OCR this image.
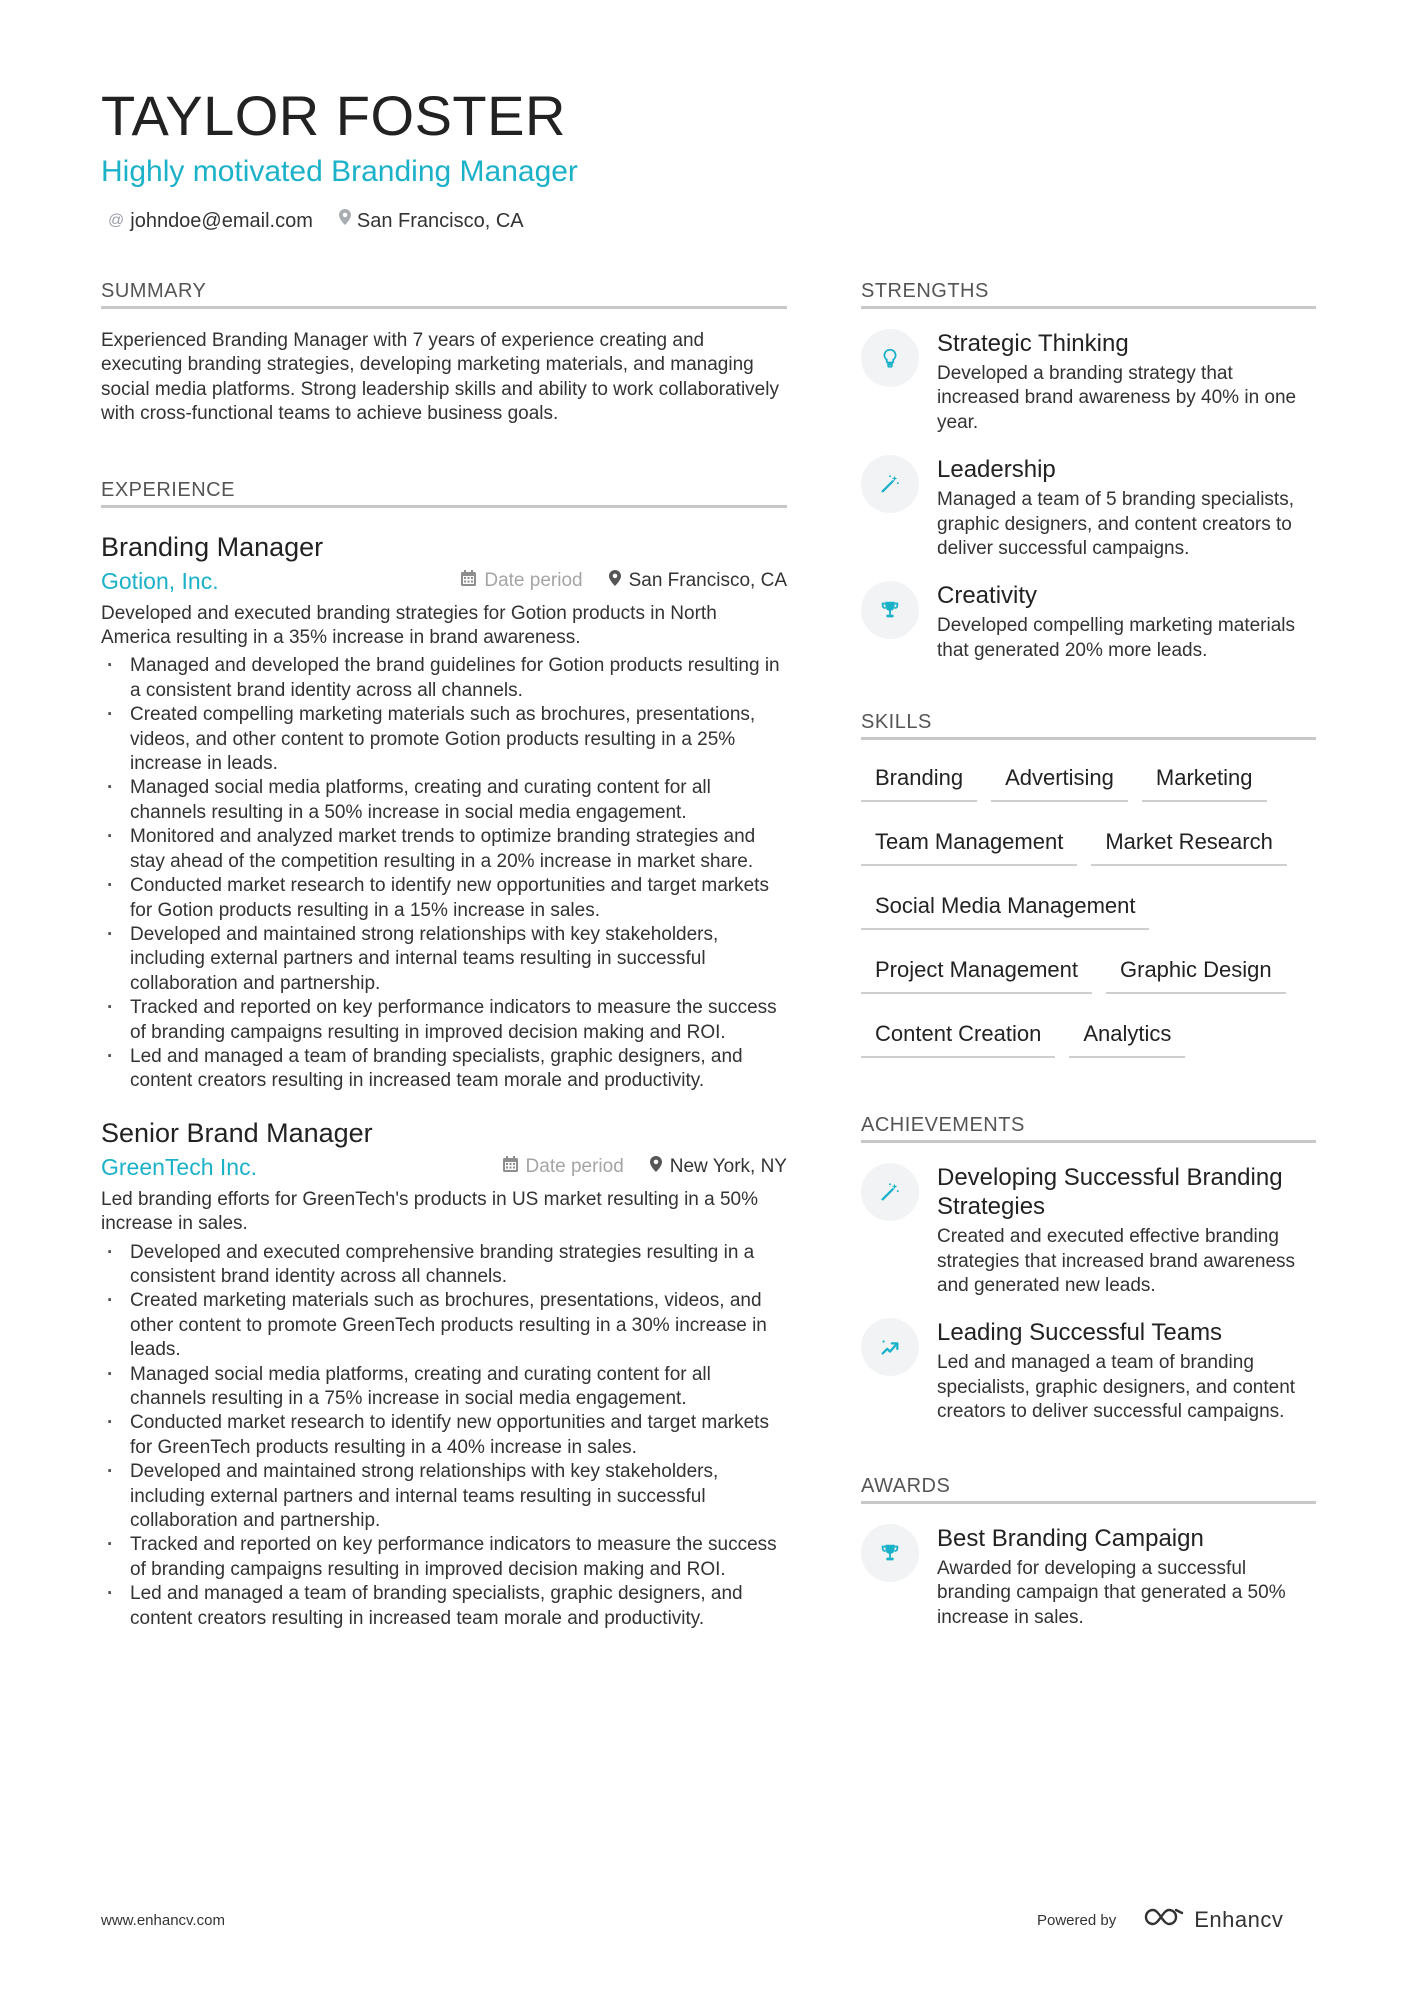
TAYLOR FOSTER
Highly motivated Branding Manager
@ johndoe@email.com San Francisco, CA
SUMMARY
Experienced Branding Manager with 7 years of experience creating and executing branding strategies, developing marketing materials, and managing social media platforms. Strong leadership skills and ability to work collaboratively with cross-functional teams to achieve business goals.
EXPERIENCE
Branding Manager
Gotion, Inc.	Date period San Francisco, CA
Developed and executed branding strategies for Gotion products in North America resulting in a 35% increase in brand awareness.
· Managed and developed the brand guidelines for Gotion products resulting in a consistent brand identity across all channels.
· Created compelling marketing materials such as brochures, presentations, videos, and other content to promote Gotion products resulting in a 25% increase in leads.
· Managed social media platforms, creating and curating content for all channels resulting in a 50% increase in social media engagement.
· Monitored and analyzed market trends to optimize branding strategies and stay ahead of the competition resulting in a 20% increase in market share.
· Conducted market research to identify new opportunities and target markets for Gotion products resulting in a 15% increase in sales.
· Developed and maintained strong relationships with key stakeholders, including external partners and internal teams resulting in successful collaboration and partnership.
· Tracked and reported on key performance indicators to measure the success of branding campaigns resulting in improved decision making and ROI.
· Led and managed a team of branding specialists, graphic designers, and content creators resulting in increased team morale and productivity.
Senior Brand Manager
GreenTech Inc.	Date period New York, NY
Led branding efforts for GreenTech's products in US market resulting in a 50% increase in sales.
· Developed and executed comprehensive branding strategies resulting in a consistent brand identity across all channels.
· Created marketing materials such as brochures, presentations, videos, and other content to promote GreenTech products resulting in a 30% increase in leads.
· Managed social media platforms, creating and curating content for all channels resulting in a 75% increase in social media engagement.
· Conducted market research to identify new opportunities and target markets for GreenTech products resulting in a 40% increase in sales.
· Developed and maintained strong relationships with key stakeholders, including external partners and internal teams resulting in successful collaboration and partnership.
· Tracked and reported on key performance indicators to measure the success of branding campaigns resulting in improved decision making and ROI.
· Led and managed a team of branding specialists, graphic designers, and content creators resulting in increased team morale and productivity.
STRENGTHS
Strategic Thinking
Developed a branding strategy that increased brand awareness by 40% in one year.
Leadership
Managed a team of 5 branding specialists, graphic designers, and content creators to deliver successful campaigns.
Creativity
Developed compelling marketing materials that generated 20% more leads.
SKILLS
Branding	Advertising	Marketing
Team Management	Market Research
Social Media Management
Project Management	Graphic Design
Content Creation	Analytics
ACHIEVEMENTS
Developing Successful Branding Strategies
Created and executed effective branding strategies that increased brand awareness and generated new leads.
Leading Successful Teams
Led and managed a team of branding specialists, graphic designers, and content creators to deliver successful campaigns.
AWARDS
Best Branding Campaign
Awarded for developing a successful branding campaign that generated a 50% increase in sales.
www.enhancv.com	Powered by	Enhancv
